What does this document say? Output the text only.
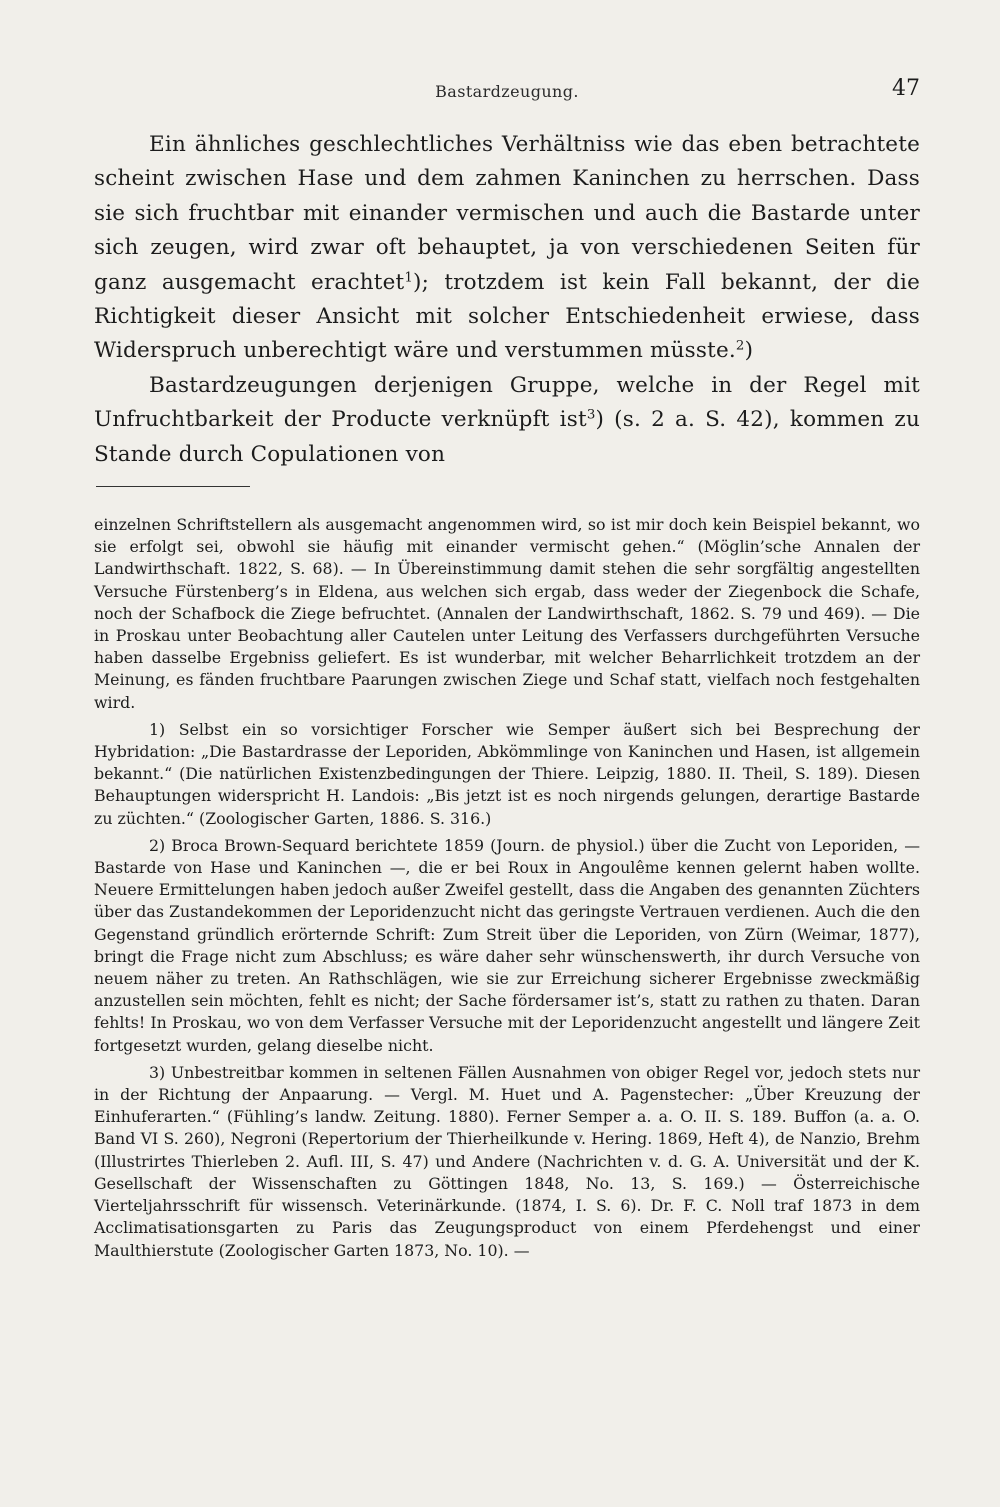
Bastardzeugung.	47

Ein ähnliches geschlechtliches Verhältniss wie das eben betrachtete scheint zwischen Hase und dem zahmen Kaninchen zu herrschen. Dass sie sich fruchtbar mit einander vermischen und auch die Bastarde unter sich zeugen, wird zwar oft behauptet, ja von verschiedenen Seiten für ganz ausgemacht erachtet$^1$); trotzdem ist kein Fall bekannt, der die Richtigkeit dieser Ansicht mit solcher Entschiedenheit erwiese, dass Widerspruch unberechtigt wäre und verstummen müsste.$^2$)

Bastardzeugungen derjenigen Gruppe, welche in der Regel mit Unfruchtbarkeit der Producte verknüpft ist$^3$) (s. 2 a. S. 42), kommen zu Stande durch Copulationen von

einzelnen Schriftstellern als ausgemacht angenommen wird, so ist mir doch kein Beispiel bekannt, wo sie erfolgt sei, obwohl sie häufig mit einander vermischt gehen.“ (Möglin’sche Annalen der Landwirthschaft. 1822, S. 68). — In Übereinstimmung damit stehen die sehr sorgfältig angestellten Versuche Fürstenberg’s in Eldena, aus welchen sich ergab, dass weder der Ziegenbock die Schafe, noch der Schafbock die Ziege befruchtet. (Annalen der Landwirthschaft, 1862. S. 79 und 469). — Die in Proskau unter Beobachtung aller Cautelen unter Leitung des Verfassers durchgeführten Versuche haben dasselbe Ergebniss geliefert. Es ist wunderbar, mit welcher Beharrlichkeit trotzdem an der Meinung, es fänden fruchtbare Paarungen zwischen Ziege und Schaf statt, vielfach noch festgehalten wird.

1) Selbst ein so vorsichtiger Forscher wie Semper äußert sich bei Besprechung der Hybridation: „Die Bastardrasse der Leporiden, Abkömmlinge von Kaninchen und Hasen, ist allgemein bekannt.“ (Die natürlichen Existenzbedingungen der Thiere. Leipzig, 1880. II. Theil, S. 189). Diesen Behauptungen widerspricht H. Landois: „Bis jetzt ist es noch nirgends gelungen, derartige Bastarde zu züchten.“ (Zoologischer Garten, 1886. S. 316.)

2) Broca Brown-Sequard berichtete 1859 (Journ. de physiol.) über die Zucht von Leporiden, — Bastarde von Hase und Kaninchen —, die er bei Roux in Angoulême kennen gelernt haben wollte. Neuere Ermittelungen haben jedoch außer Zweifel gestellt, dass die Angaben des genannten Züchters über das Zustandekommen der Leporidenzucht nicht das geringste Vertrauen verdienen. Auch die den Gegenstand gründlich erörternde Schrift: Zum Streit über die Leporiden, von Zürn (Weimar, 1877), bringt die Frage nicht zum Abschluss; es wäre daher sehr wünschenswerth, ihr durch Versuche von neuem näher zu treten. An Rathschlägen, wie sie zur Erreichung sicherer Ergebnisse zweckmäßig anzustellen sein möchten, fehlt es nicht; der Sache fördersamer ist’s, statt zu rathen zu thaten. Daran fehlts! In Proskau, wo von dem Verfasser Versuche mit der Leporidenzucht angestellt und längere Zeit fortgesetzt wurden, gelang dieselbe nicht.

3) Unbestreitbar kommen in seltenen Fällen Ausnahmen von obiger Regel vor, jedoch stets nur in der Richtung der Anpaarung. — Vergl. M. Huet und A. Pagenstecher: „Über Kreuzung der Einhuferarten.“ (Fühling’s landw. Zeitung. 1880). Ferner Semper a. a. O. II. S. 189. Buffon (a. a. O. Band VI S. 260), Negroni (Repertorium der Thierheilkunde v. Hering. 1869, Heft 4), de Nanzio, Brehm (Illustrirtes Thierleben 2. Aufl. III, S. 47) und Andere (Nachrichten v. d. G. A. Universität und der K. Gesellschaft der Wissenschaften zu Göttingen 1848, No. 13, S. 169.) — Österreichische Vierteljahrsschrift für wissensch. Veterinärkunde. (1874, I. S. 6). Dr. F. C. Noll traf 1873 in dem Acclimatisationsgarten zu Paris das Zeugungsproduct von einem Pferdehengst und einer Maulthierstute (Zoologischer Garten 1873, No. 10). —
